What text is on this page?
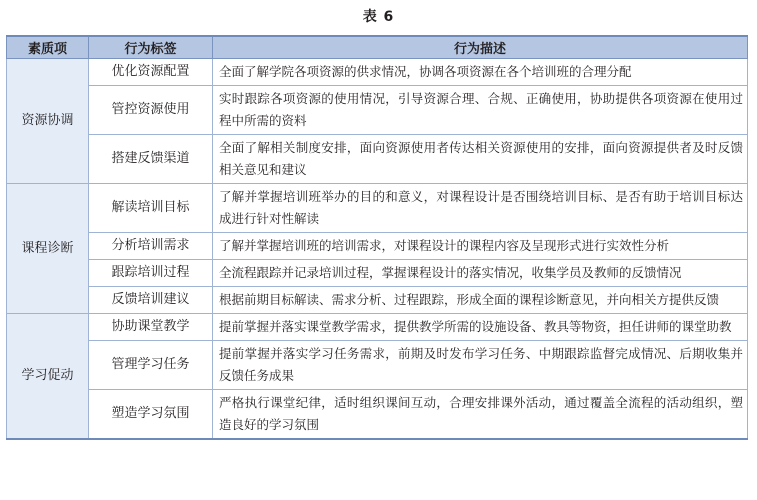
表 6
素质项	行为标签	行为描述
资源协调	优化资源配置	全面了解学院各项资源的供求情况，协调各项资源在各个培训班的合理分配
	管控资源使用	实时跟踪各项资源的使用情况，引导资源合理、合规、正确使用，协助提供各项资源在使用过程中所需的资料
	搭建反馈渠道	全面了解相关制度安排，面向资源使用者传达相关资源使用的安排，面向资源提供者及时反馈相关意见和建议
课程诊断	解读培训目标	了解并掌握培训班举办的目的和意义，对课程设计是否围绕培训目标、是否有助于培训目标达成进行针对性解读
	分析培训需求	了解并掌握培训班的培训需求，对课程设计的课程内容及呈现形式进行实效性分析
	跟踪培训过程	全流程跟踪并记录培训过程，掌握课程设计的落实情况，收集学员及教师的反馈情况
	反馈培训建议	根据前期目标解读、需求分析、过程跟踪，形成全面的课程诊断意见，并向相关方提供反馈
学习促动	协助课堂教学	提前掌握并落实课堂教学需求，提供教学所需的设施设备、教具等物资，担任讲师的课堂助教
	管理学习任务	提前掌握并落实学习任务需求，前期及时发布学习任务、中期跟踪监督完成情况、后期收集并反馈任务成果
	塑造学习氛围	严格执行课堂纪律，适时组织课间互动，合理安排课外活动，通过覆盖全流程的活动组织，塑造良好的学习氛围
